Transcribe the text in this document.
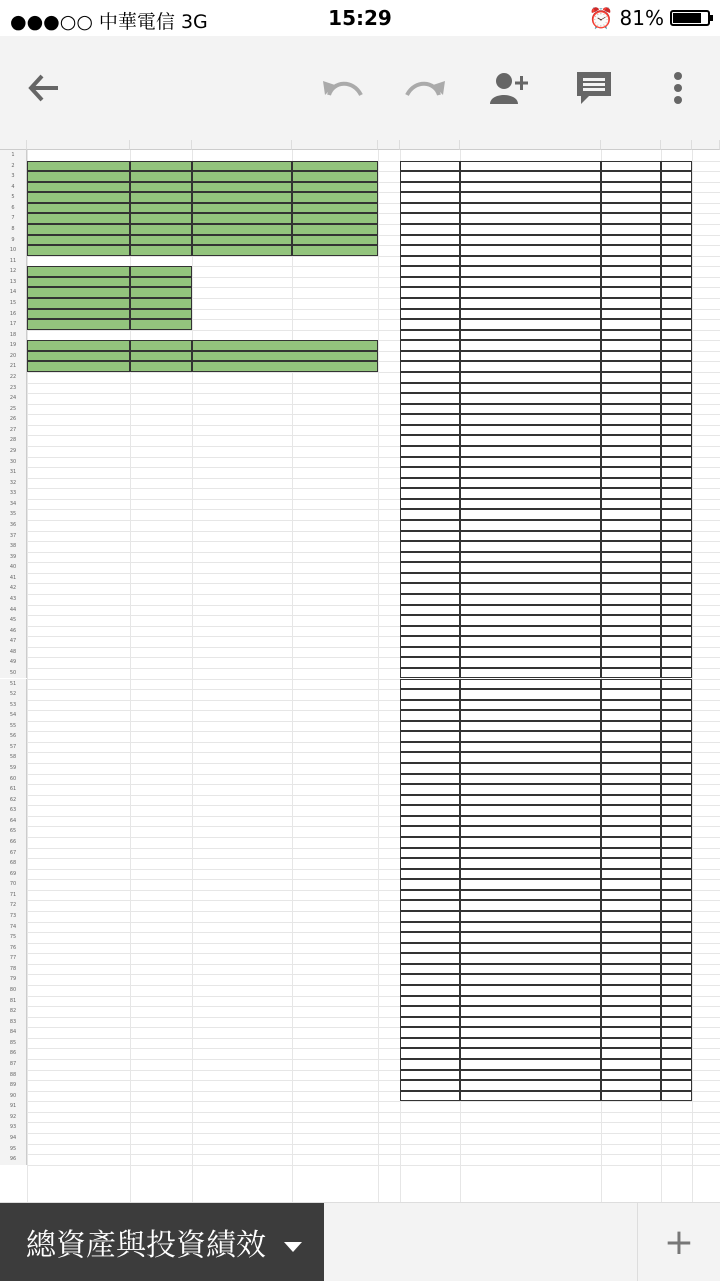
●●●○○ 中華電信 3G	15:29	⏰ 81%
1
2
3
4
5
6
7
8
9
10
11
12
13
14
15
16
17
18
19
20
21
22
23
24
25
26
27
28
29
30
31
32
33
34
35
36
37
38
39
40
41
42
43
44
45
46
47
48
49
50
51
52
53
54
55
56
57
58
59
60
61
62
63
64
65
66
67
68
69
70
71
72
73
74
75
76
77
78
79
80
81
82
83
84
85
86
87
88
89
90
91
92
93
94
95
96
總資產與投資績效	+
